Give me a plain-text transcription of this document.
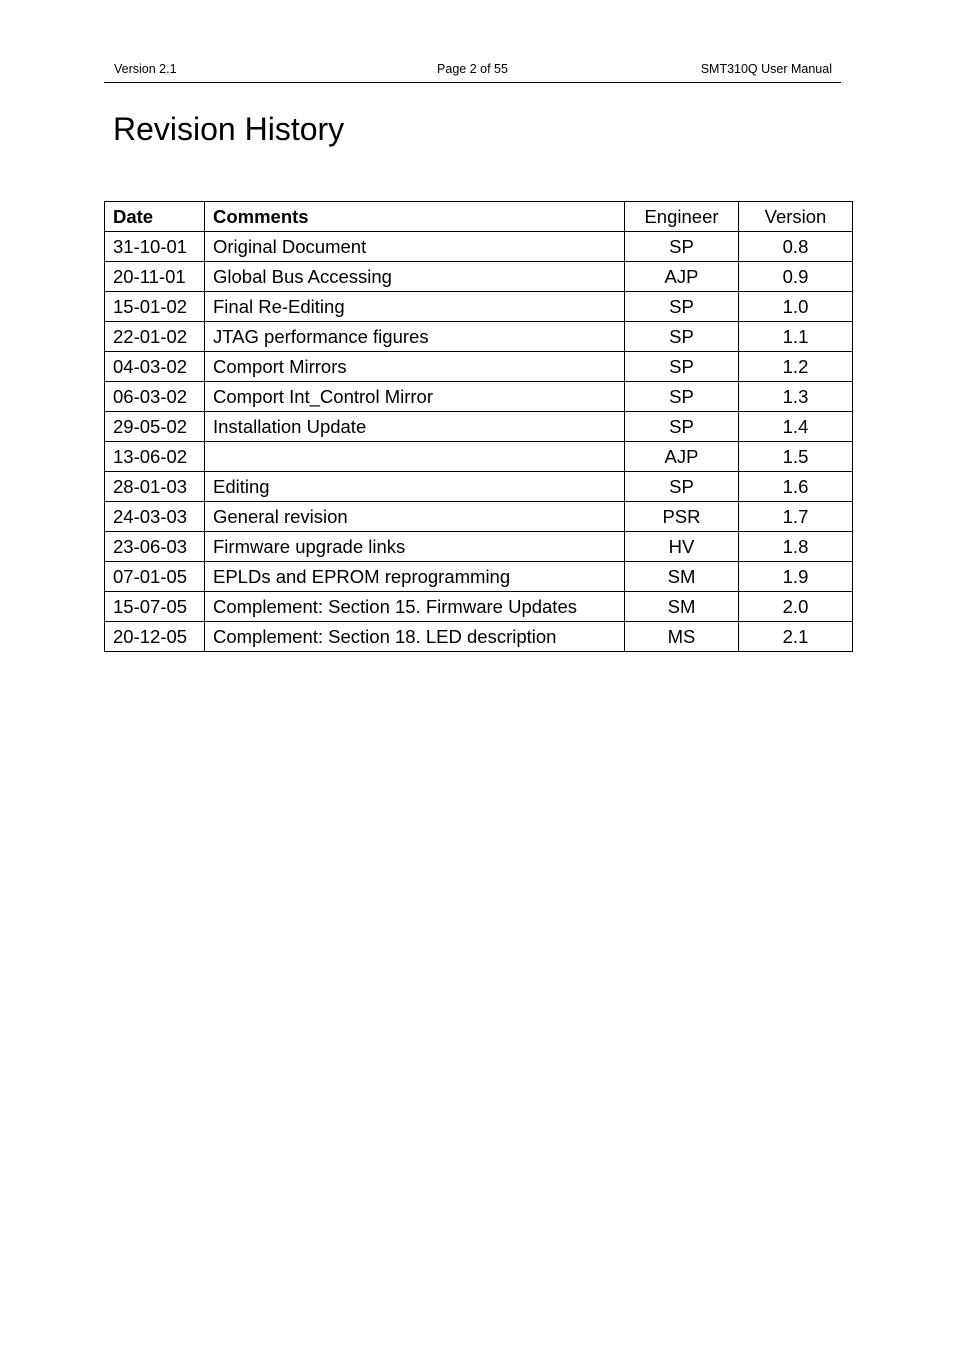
Page 2 of 55
Version 2.1	SMT310Q User Manual
Revision History
Date	Comments	Engineer	Version
31-10-01	Original Document	SP	0.8
20-11-01	Global Bus Accessing	AJP	0.9
15-01-02	Final Re-Editing	SP	1.0
22-01-02	JTAG performance figures	SP	1.1
04-03-02	Comport Mirrors	SP	1.2
06-03-02	Comport Int_Control Mirror	SP	1.3
29-05-02	Installation Update	SP	1.4
13-06-02		AJP	1.5
28-01-03	Editing	SP	1.6
24-03-03	General revision	PSR	1.7
23-06-03	Firmware upgrade links	HV	1.8
07-01-05	EPLDs and EPROM reprogramming	SM	1.9
15-07-05	Complement: Section 15. Firmware Updates	SM	2.0
20-12-05	Complement: Section 18. LED description	MS	2.1
